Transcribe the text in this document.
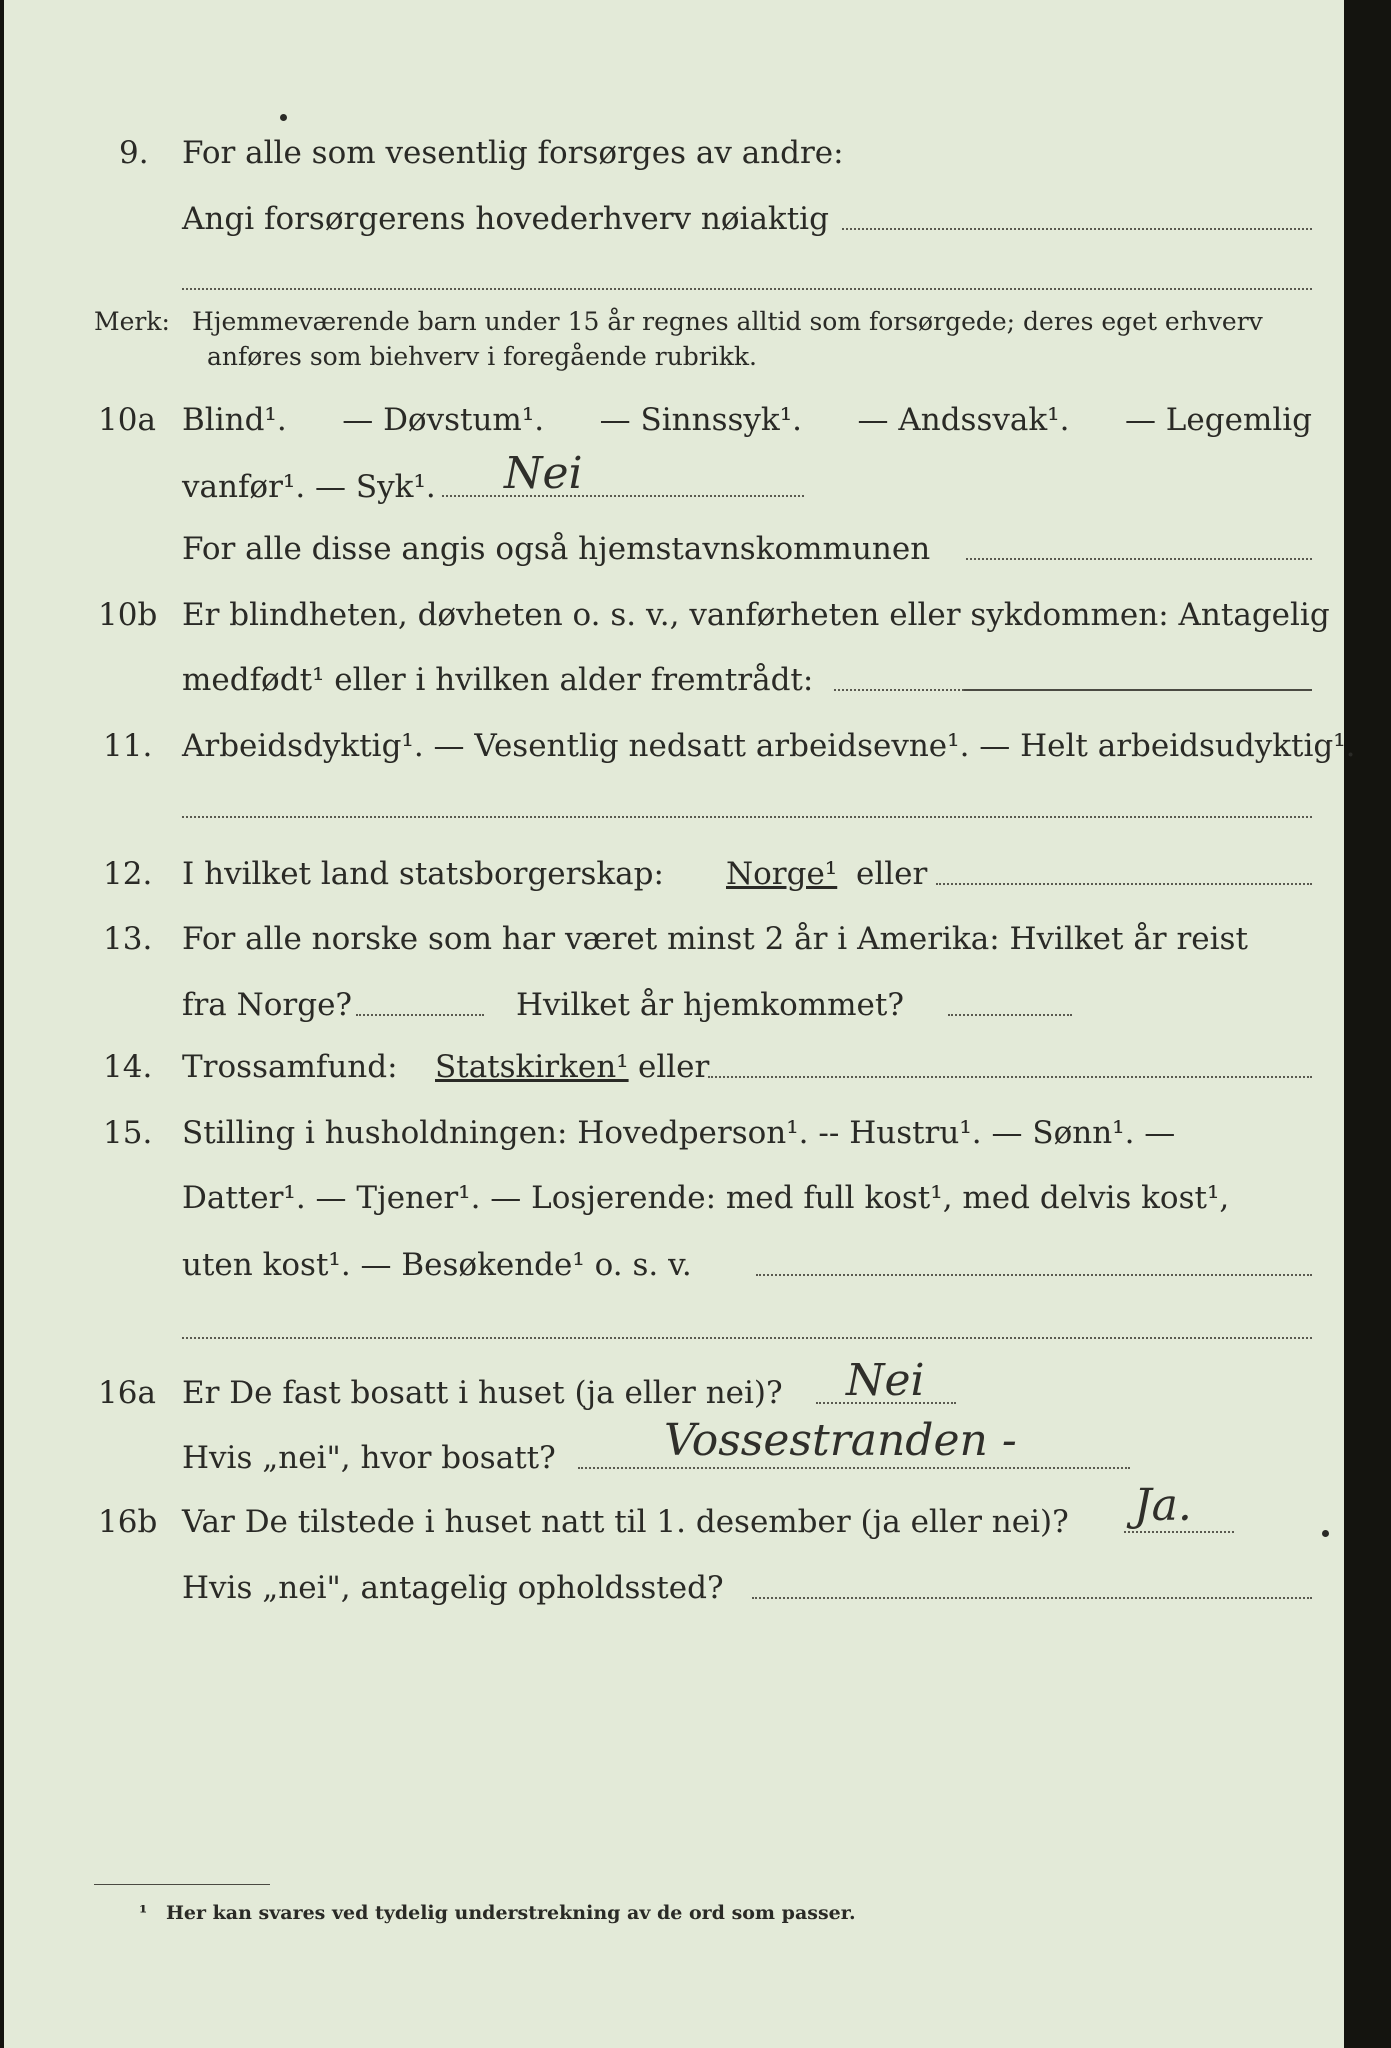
9. For alle som vesentlig forsørges av andre:
Angi forsørgerens hovederhverv nøiaktig
Merk: Hjemmeværende barn under 15 år regnes alltid som forsørgede; deres eget erhverv
anføres som biehverv i foregående rubrikk.
10a Blind¹. — Døvstum¹. — Sinnssyk¹. — Andssvak¹. — Legemlig
vanfør¹. — Syk¹. Nei
For alle disse angis også hjemstavnskommunen
10b Er blindheten, døvheten o. s. v., vanførheten eller sykdommen: Antagelig
medfødt¹ eller i hvilken alder fremtrådt:
11. Arbeidsdyktig¹. — Vesentlig nedsatt arbeidsevne¹. — Helt arbeidsudyktig¹.
12. I hvilket land statsborgerskap: Norge¹ eller
13. For alle norske som har været minst 2 år i Amerika: Hvilket år reist
fra Norge?	Hvilket år hjemkommet?
14. Trossamfund: Statskirken¹ eller
15. Stilling i husholdningen: Hovedperson¹. -- Hustru¹. — Sønn¹. —
Datter¹. — Tjener¹. — Losjerende: med full kost¹, med delvis kost¹,
uten kost¹. — Besøkende¹ o. s. v.
16a Er De fast bosatt i huset (ja eller nei)? Nei
Hvis „nei", hvor bosatt? Vossestranden -
16b Var De tilstede i huset natt til 1. desember (ja eller nei)? Ja.
Hvis „nei", antagelig opholdssted?
¹ Her kan svares ved tydelig understrekning av de ord som passer.
